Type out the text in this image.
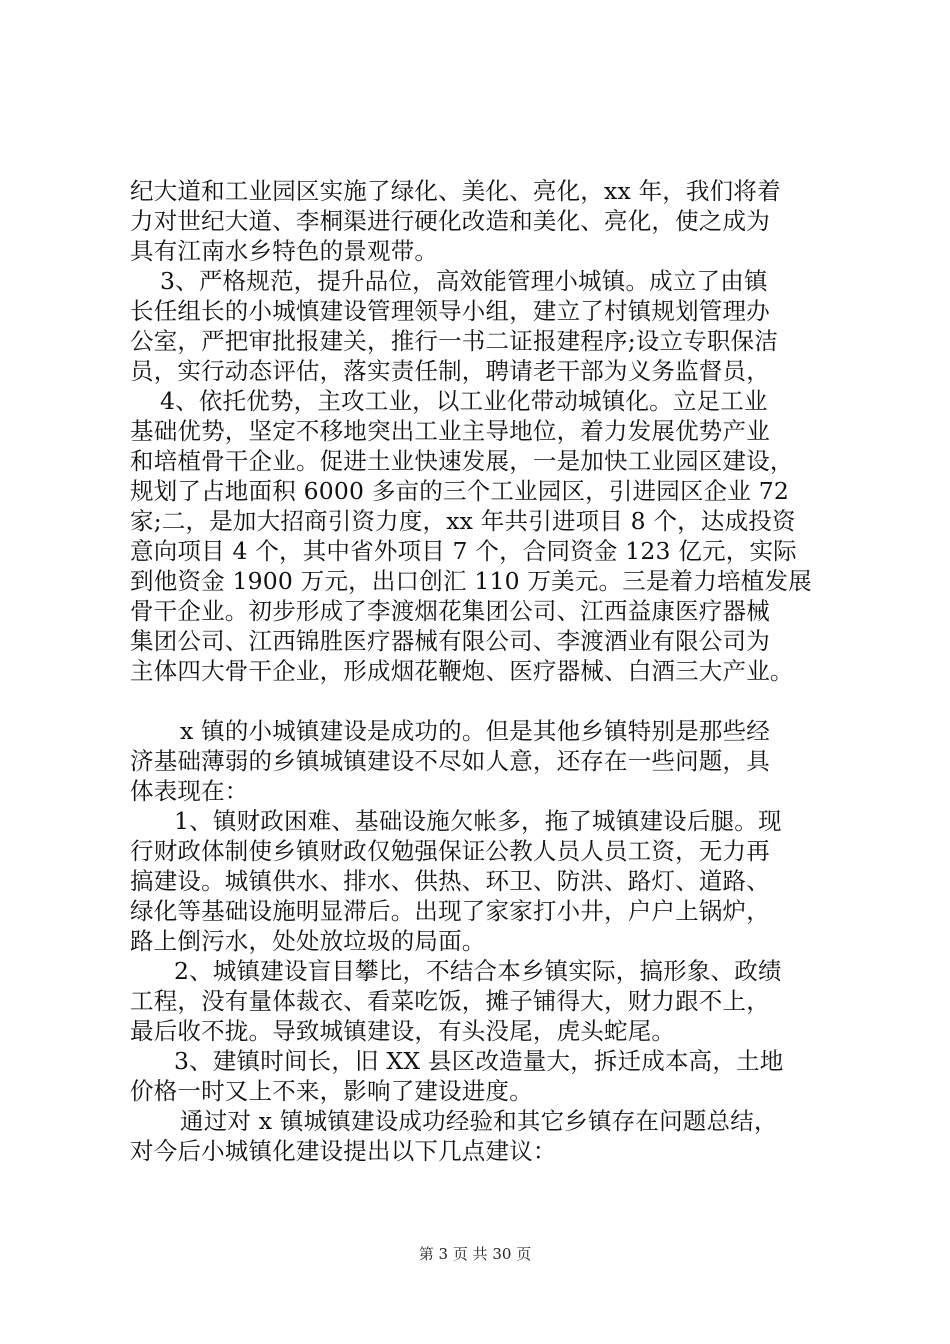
纪大道和工业园区实施了绿化、美化、亮化，xx 年，我们将着
力对世纪大道、李桐渠进行硬化改造和美化、亮化，使之成为
具有江南水乡特色的景观带。
3、严格规范，提升品位，高效能管理小城镇。成立了由镇
长任组长的小城慎建设管理领导小组，建立了村镇规划管理办
公室，严把审批报建关，推行一书二证报建程序;设立专职保洁
员，实行动态评估，落实责任制，聘请老干部为义务监督员，
4、依托优势，主攻工业，以工业化带动城镇化。立足工业
基础优势，坚定不移地突出工业主导地位，着力发展优势产业
和培植骨干企业。促进土业快速发展，一是加快工业园区建设，
规划了占地面积 6000 多亩的三个工业园区，引进园区企业 72
家;二，是加大招商引资力度，xx 年共引进项目 8 个，达成投资
意向项目 4 个，其中省外项目 7 个，合同资金 123 亿元，实际
到他资金 1900 万元，出口创汇 110 万美元。三是着力培植发展
骨干企业。初步形成了李渡烟花集团公司、江西益康医疗器械
集团公司、江西锦胜医疗器械有限公司、李渡酒业有限公司为
主体四大骨干企业，形成烟花鞭炮、医疗器械、白酒三大产业。
x 镇的小城镇建设是成功的。但是其他乡镇特别是那些经
济基础薄弱的乡镇城镇建设不尽如人意，还存在一些问题，具
体表现在：
1、镇财政困难、基础设施欠帐多，拖了城镇建设后腿。现
行财政体制使乡镇财政仅勉强保证公教人员人员工资，无力再
搞建设。城镇供水、排水、供热、环卫、防洪、路灯、道路、
绿化等基础设施明显滞后。出现了家家打小井，户户上锅炉，
路上倒污水，处处放垃圾的局面。
2、城镇建设盲目攀比，不结合本乡镇实际，搞形象、政绩
工程，没有量体裁衣、看菜吃饭，摊子铺得大，财力跟不上，
最后收不拢。导致城镇建设，有头没尾，虎头蛇尾。
3、建镇时间长，旧 XX 县区改造量大，拆迁成本高，土地
价格一时又上不来，影响了建设进度。
通过对 x 镇城镇建设成功经验和其它乡镇存在问题总结，
对今后小城镇化建设提出以下几点建议：
第 3 页 共 30 页
